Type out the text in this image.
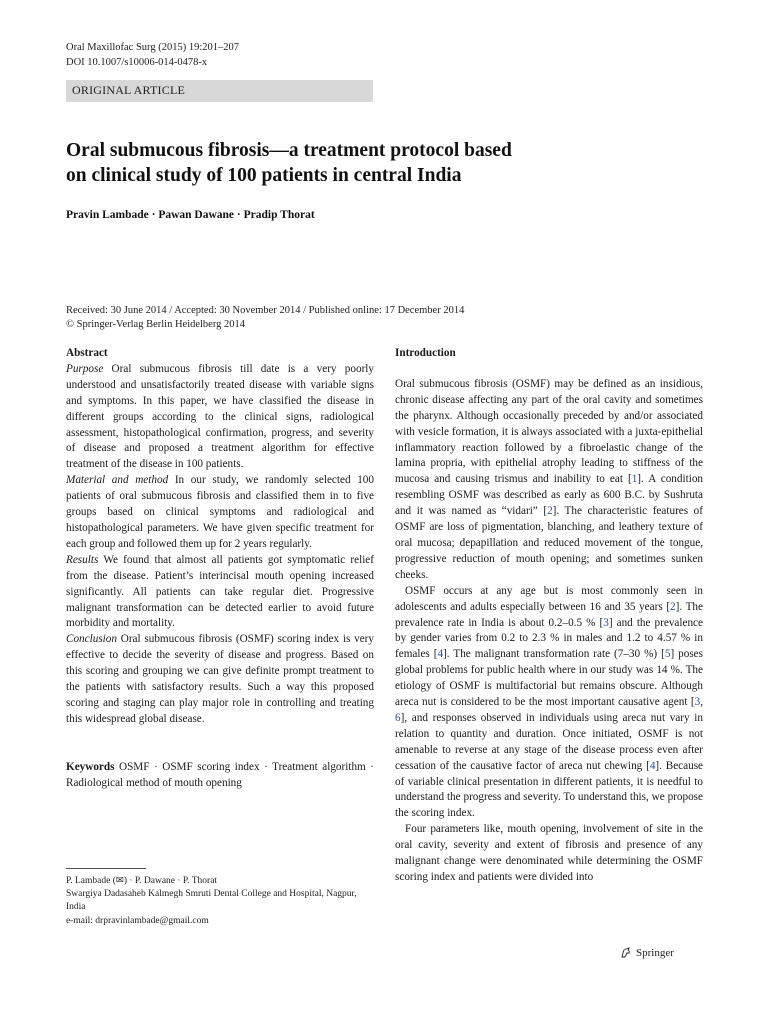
Oral Maxillofac Surg (2015) 19:201–207
DOI 10.1007/s10006-014-0478-x
ORIGINAL ARTICLE
Oral submucous fibrosis—a treatment protocol based
on clinical study of 100 patients in central India
Pravin Lambade · Pawan Dawane · Pradip Thorat
Received: 30 June 2014 / Accepted: 30 November 2014 / Published online: 17 December 2014
© Springer-Verlag Berlin Heidelberg 2014

Abstract

Purpose Oral submucous fibrosis till date is a very poorly understood and unsatisfactorily treated disease with variable signs and symptoms. In this paper, we have classified the disease in different groups according to the clinical signs, radiological assessment, histopathological confirmation, progress, and severity of disease and proposed a treatment algorithm for effective treatment of the disease in 100 patients.

Material and method In our study, we randomly selected 100 patients of oral submucous fibrosis and classified them in to five groups based on clinical symptoms and radiological and histopathological parameters. We have given specific treatment for each group and followed them up for 2 years regularly.

Results We found that almost all patients got symptomatic relief from the disease. Patient’s interincisal mouth opening increased significantly. All patients can take regular diet. Progressive malignant transformation can be detected earlier to avoid future morbidity and mortality.

Conclusion Oral submucous fibrosis (OSMF) scoring index is very effective to decide the severity of disease and progress. Based on this scoring and grouping we can give definite prompt treatment to the patients with satisfactory results. Such a way this proposed scoring and staging can play major role in controlling and treating this widespread global disease.

Keywords OSMF · OSMF scoring index · Treatment algorithm · Radiological method of mouth opening

P. Lambade (✉) · P. Dawane · P. Thorat
Swargiya Dadasaheb Kalmegh Smruti Dental College and Hospital, Nagpur, India
e-mail: drpravinlambade@gmail.com

Introduction

Oral submucous fibrosis (OSMF) may be defined as an insidious, chronic disease affecting any part of the oral cavity and sometimes the pharynx. Although occasionally preceded by and/or associated with vesicle formation, it is always associated with a juxta-epithelial inflammatory reaction followed by a fibroelastic change of the lamina propria, with epithelial atrophy leading to stiffness of the mucosa and causing trismus and inability to eat [1]. A condition resembling OSMF was described as early as 600 B.C. by Sushruta and it was named as “vidari” [2]. The characteristic features of OSMF are loss of pigmentation, blanching, and leathery texture of oral mucosa; depapillation and reduced movement of the tongue, progressive reduction of mouth opening; and sometimes sunken cheeks.

OSMF occurs at any age but is most commonly seen in adolescents and adults especially between 16 and 35 years [2]. The prevalence rate in India is about 0.2–0.5 % [3] and the prevalence by gender varies from 0.2 to 2.3 % in males and 1.2 to 4.57 % in females [4]. The malignant transformation rate (7–30 %) [5] poses global problems for public health where in our study was 14 %. The etiology of OSMF is multifactorial but remains obscure. Although areca nut is considered to be the most important causative agent [3, 6], and responses observed in individuals using areca nut vary in relation to quantity and duration. Once initiated, OSMF is not amenable to reverse at any stage of the disease process even after cessation of the causative factor of areca nut chewing [4]. Because of variable clinical presentation in different patients, it is needful to understand the progress and severity. To understand this, we propose the scoring index.

Four parameters like, mouth opening, involvement of site in the oral cavity, severity and extent of fibrosis and presence of any malignant change were denominated while determining the OSMF scoring index and patients were divided into

Springer
